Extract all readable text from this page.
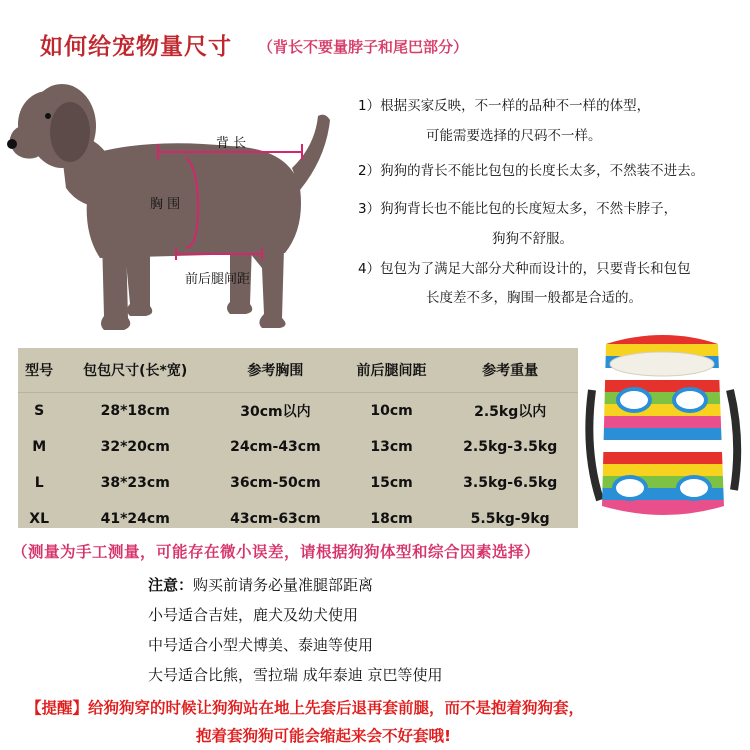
如何给宠物量尺寸 （背长不要量脖子和尾巴部分）
背 长
胸 围
前后腿间距
1）根据买家反映，不一样的品种不一样的体型，
可能需要选择的尺码不一样。
2）狗狗的背长不能比包包的长度长太多，不然装不进去。
3）狗狗背长也不能比包的长度短太多，不然卡脖子，
狗狗不舒服。
4）包包为了满足大部分犬种而设计的，只要背长和包包
长度差不多，胸围一般都是合适的。
型号	包包尺寸(长*宽)	参考胸围	前后腿间距	参考重量
S	28*18cm	30cm以内	10cm	2.5kg以内
M	32*20cm	24cm-43cm	13cm	2.5kg-3.5kg
L	38*23cm	36cm-50cm	15cm	3.5kg-6.5kg
XL	41*24cm	43cm-63cm	18cm	5.5kg-9kg
（测量为手工测量，可能存在微小误差，请根据狗狗体型和综合因素选择）
注意：购买前请务必量准腿部距离
小号适合吉娃，鹿犬及幼犬使用
中号适合小型犬博美、泰迪等使用
大号适合比熊，雪拉瑞 成年泰迪 京巴等使用
【提醒】给狗狗穿的时候让狗狗站在地上先套后退再套前腿，而不是抱着狗狗套，
抱着套狗狗可能会缩起来会不好套哦!
